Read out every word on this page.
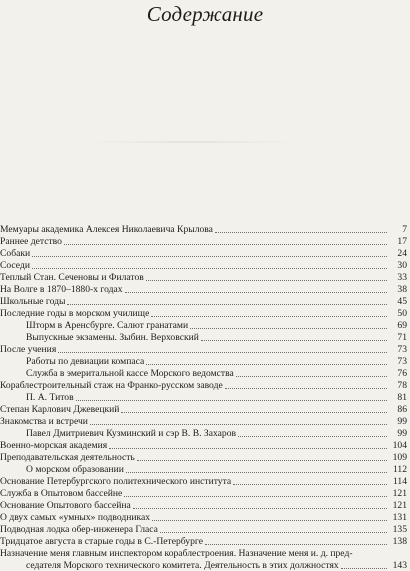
Содержание
Мемуары академика Алексея Николаевича Крылова	7
Раннее детство	17
Собаки	24
Соседи	30
Теплый Стан. Сеченовы и Филатов	33
На Волге в 1870–1880-х годах	38
Школьные годы	45
Последние годы в морском училище	50
Шторм в Аренсбурге. Салют гранатами	69
Выпускные экзамены. Зыбин. Верховский	71
После учения	73
Работы по девиации компаса	73
Служба в эмеритальной кассе Морского ведомства	76
Кораблестроительный стаж на Франко-русском заводе	78
П. А. Титов	81
Степан Карлович Джевецкий	86
Знакомства и встречи	99
Павел Дмитриевич Кузминский и сэр В. В. Захаров	99
Военно-морская академия	104
Преподавательская деятельность	109
О морском образовании	112
Основание Петербургского политехнического института	114
Служба в Опытовом бассейне	121
Основание Опытового бассейна	121
О двух самых «умных» подводниках	131
Подводная лодка обер-инженера Гласа	135
Тридцатое августа в старые годы в С.-Петербурге	138
Назначение меня главным инспектором кораблестроения. Назначение меня и. д. пред-
седателя Морского технического комитета. Деятельность в этих должностях	143
